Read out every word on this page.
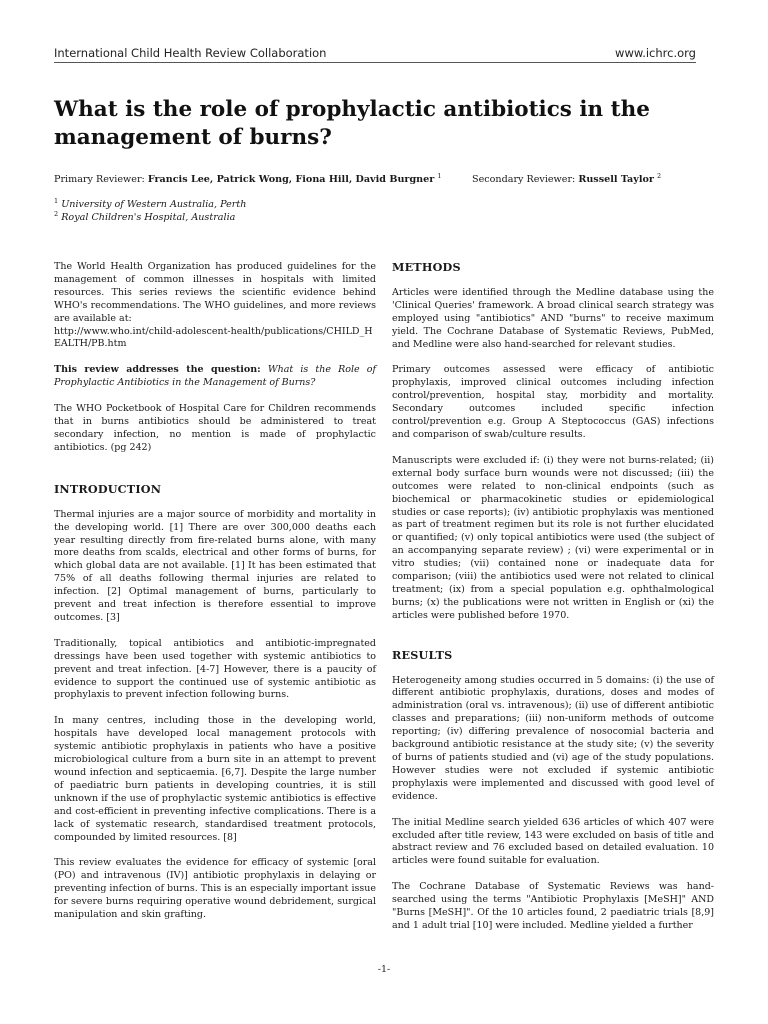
International Child Health Review Collaboration	www.ichrc.org
What is the role of prophylactic antibiotics in the management of burns?
Primary Reviewer: Francis Lee, Patrick Wong, Fiona Hill, David Burgner $^1$	Secondary Reviewer: Russell Taylor $^2$
$^1$ University of Western Australia, Perth
$^2$ Royal Children's Hospital, Australia

The World Health Organization has produced guidelines for the management of common illnesses in hospitals with limited resources. This series reviews the scientific evidence behind WHO's recommendations. The WHO guidelines, and more reviews are available at:
http://www.who.int/child-adolescent-health/publications/CHILD_HEALTH/PB.htm

This review addresses the question: What is the Role of Prophylactic Antibiotics in the Management of Burns?

The WHO Pocketbook of Hospital Care for Children recommends that in burns antibiotics should be administered to treat secondary infection, no mention is made of prophylactic antibiotics. (pg 242)

INTRODUCTION

Thermal injuries are a major source of morbidity and mortality in the developing world. [1] There are over 300,000 deaths each year resulting directly from fire-related burns alone, with many more deaths from scalds, electrical and other forms of burns, for which global data are not available. [1] It has been estimated that 75% of all deaths following thermal injuries are related to infection. [2] Optimal management of burns, particularly to prevent and treat infection is therefore essential to improve outcomes. [3]

Traditionally, topical antibiotics and antibiotic-impregnated dressings have been used together with systemic antibiotics to prevent and treat infection. [4-7] However, there is a paucity of evidence to support the continued use of systemic antibiotic as prophylaxis to prevent infection following burns.

In many centres, including those in the developing world, hospitals have developed local management protocols with systemic antibiotic prophylaxis in patients who have a positive microbiological culture from a burn site in an attempt to prevent wound infection and septicaemia. [6,7]. Despite the large number of paediatric burn patients in developing countries, it is still unknown if the use of prophylactic systemic antibiotics is effective and cost-efficient in preventing infective complications. There is a lack of systematic research, standardised treatment protocols, compounded by limited resources. [8]

This review evaluates the evidence for efficacy of systemic [oral (PO) and intravenous (IV)] antibiotic prophylaxis in delaying or preventing infection of burns. This is an especially important issue for severe burns requiring operative wound debridement, surgical manipulation and skin grafting.

METHODS

Articles were identified through the Medline database using the 'Clinical Queries' framework. A broad clinical search strategy was employed using "antibiotics" AND "burns" to receive maximum yield. The Cochrane Database of Systematic Reviews, PubMed, and Medline were also hand-searched for relevant studies.

Primary outcomes assessed were efficacy of antibiotic prophylaxis, improved clinical outcomes including infection control/prevention, hospital stay, morbidity and mortality. Secondary outcomes included specific infection control/prevention e.g. Group A Steptococcus (GAS) infections and comparison of swab/culture results.

Manuscripts were excluded if: (i) they were not burns-related; (ii) external body surface burn wounds were not discussed; (iii) the outcomes were related to non-clinical endpoints (such as biochemical or pharmacokinetic studies or epidemiological studies or case reports); (iv) antibiotic prophylaxis was mentioned as part of treatment regimen but its role is not further elucidated or quantified; (v) only topical antibiotics were used (the subject of an accompanying separate review) ; (vi) were experimental or in vitro studies; (vii) contained none or inadequate data for comparison; (viii) the antibiotics used were not related to clinical treatment; (ix) from a special population e.g. ophthalmological burns; (x) the publications were not written in English or (xi) the articles were published before 1970.

RESULTS

Heterogeneity among studies occurred in 5 domains: (i) the use of different antibiotic prophylaxis, durations, doses and modes of administration (oral vs. intravenous); (ii) use of different antibiotic classes and preparations; (iii) non-uniform methods of outcome reporting; (iv) differing prevalence of nosocomial bacteria and background antibiotic resistance at the study site; (v) the severity of burns of patients studied and (vi) age of the study populations. However studies were not excluded if systemic antibiotic prophylaxis were implemented and discussed with good level of evidence.

The initial Medline search yielded 636 articles of which 407 were excluded after title review, 143 were excluded on basis of title and abstract review and 76 excluded based on detailed evaluation. 10 articles were found suitable for evaluation.

The Cochrane Database of Systematic Reviews was hand-searched using the terms "Antibiotic Prophylaxis [MeSH]" AND "Burns [MeSH]". Of the 10 articles found, 2 paediatric trials [8,9] and 1 adult trial [10] were included. Medline yielded a further

-1-
